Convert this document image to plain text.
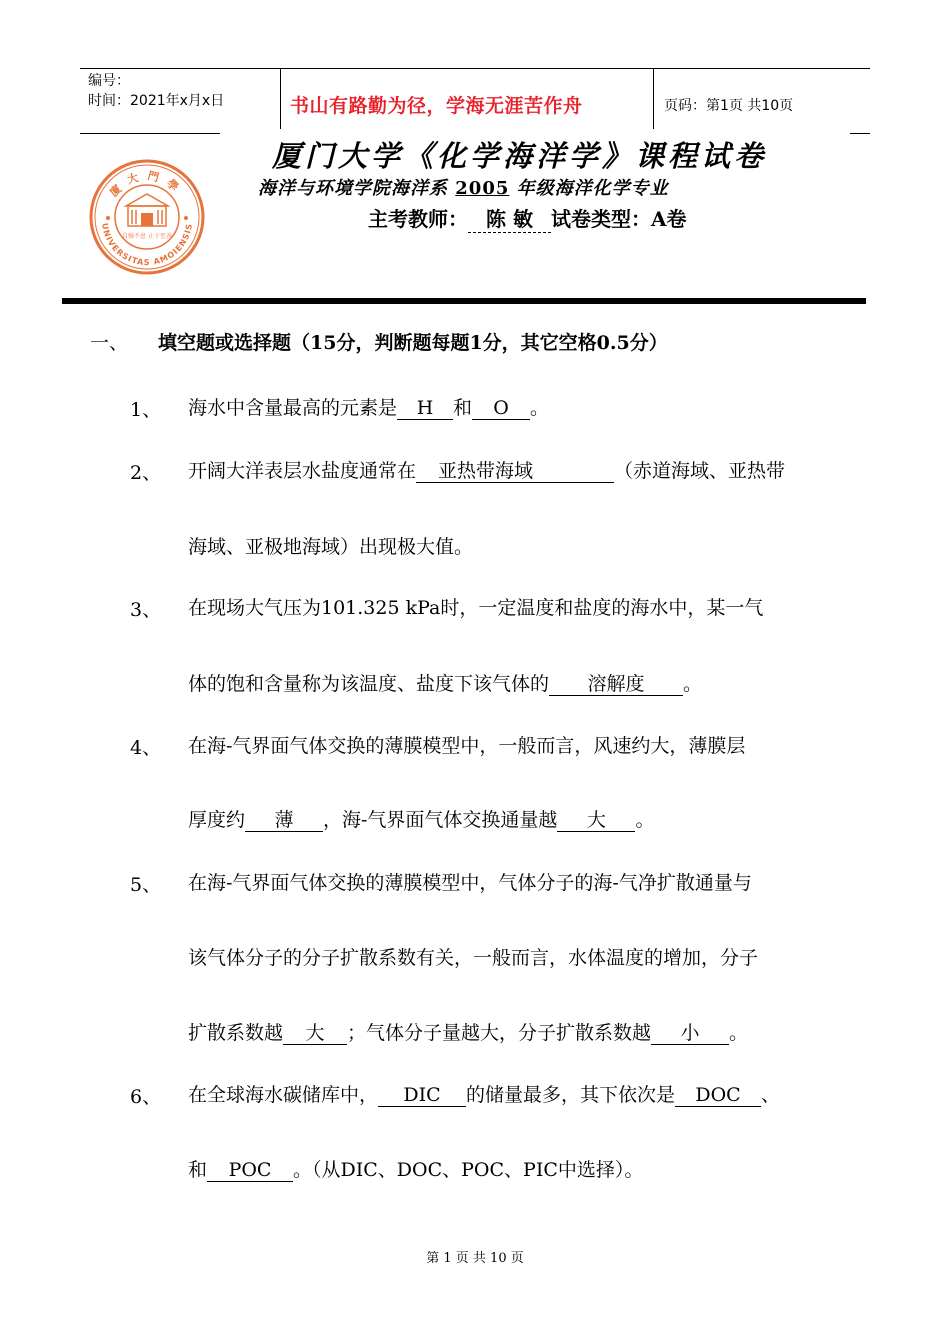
编号：
时间：2021年x月x日	书山有路勤为径，学海无涯苦作舟	页码：第1页 共10页
廈大門學
UNIVERSITAS AMOIENSIS
自强不息 止于至善
厦门大学《化学海洋学》课程试卷
海洋与环境学院海洋系 2005 年级海洋化学专业
主考教师： 陈 敏 试卷类型：A卷
一、 填空题或选择题（15分，判断题每题1分，其它空格0.5分）
1、 海水中含量最高的元素是 H 和 O 。
2、 开阔大洋表层水盐度通常在 亚热带海域	（赤道海域、亚热带
海域、亚极地海域）出现极大值。
3、 在现场大气压为101.325 kPa时，一定温度和盐度的海水中，某一气
体的饱和含量称为该温度、盐度下该气体的 溶解度 。
4、 在海-气界面气体交换的薄膜模型中，一般而言，风速约大，薄膜层
厚度约 薄 ，海-气界面气体交换通量越 大 。
5、 在海-气界面气体交换的薄膜模型中，气体分子的海-气净扩散通量与
该气体分子的分子扩散系数有关，一般而言，水体温度的增加，分子
扩散系数越 大 ；气体分子量越大，分子扩散系数越 小 。
6、 在全球海水碳储库中， DIC 的储量最多，其下依次是 DOC 、
和 POC 。（从DIC、DOC、POC、PIC中选择）。
第 1 页 共 10 页
